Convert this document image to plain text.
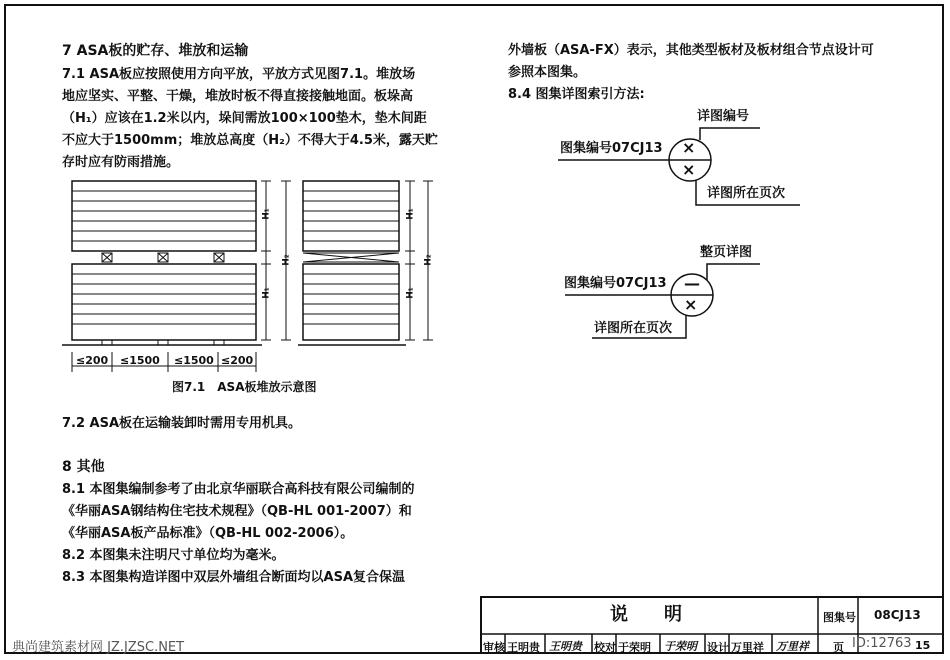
7 ASA板的贮存、堆放和运输
7.1 ASA板应按照使用方向平放，平放方式见图7.1。堆放场
地应坚实、平整、干燥，堆放时板不得直接接触地面。板垛高
（H₁）应该在1.2米以内，垛间需放100×100垫木，垫木间距
不应大于1500mm；堆放总高度（H₂）不得大于4.5米，露天贮
存时应有防雨措施。
H₁
H₁
H₂
H₁
H₁
H₂
≤200 ≤1500 ≤1500 ≤200
图7.1　ASA板堆放示意图
7.2 ASA板在运输装卸时需用专用机具。
8 其他
8.1 本图集编制参考了由北京华丽联合高科技有限公司编制的
《华丽ASA钢结构住宅技术规程》（QB-HL 001-2007）和
《华丽ASA板产品标准》（QB-HL 002-2006）。
8.2 本图集未注明尺寸单位均为毫米。
8.3 本图集构造详图中双层外墙组合断面均以ASA复合保温
外墙板（ASA-FX）表示，其他类型板材及板材组合节点设计可
参照本图集。
8.4 图集详图索引方法:
详图编号
图集编号07CJ13 ×
×
详图所在页次
整页详图
图集编号07CJ13 —
×
详图所在页次
说　　明	图集号 08CJ13
审核 王明贵 王明贵 校对 于荣明 于荣明 设计 万里祥 万里祥 页	15
典尚建筑素材网 JZ.JZSC.NET	ID:12763
